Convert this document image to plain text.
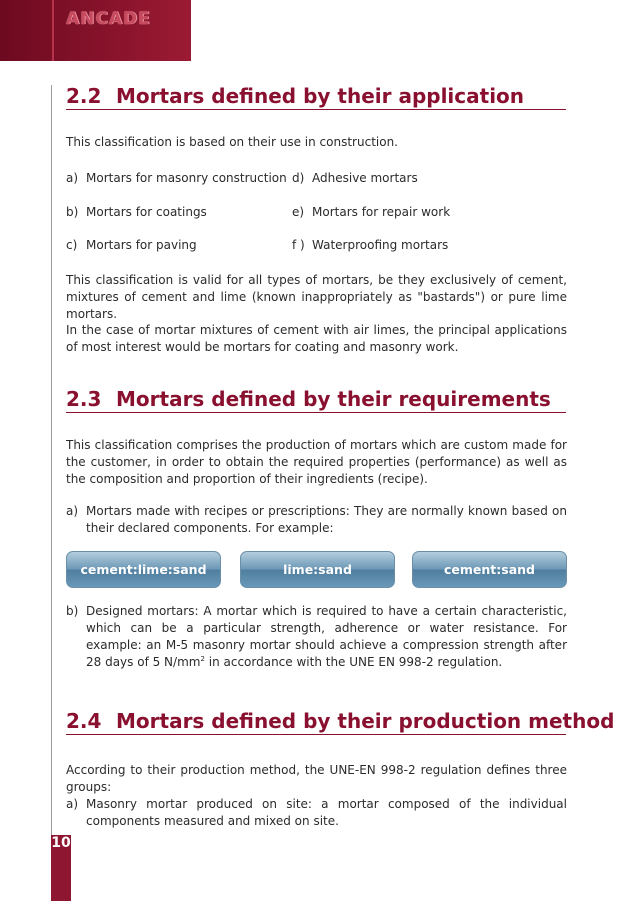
ANCADE
10
2.2 Mortars defined by their application

This classification is based on their use in construction.

a) Mortars for masonry construction
b) Mortars for coatings
c) Mortars for paving
d) Adhesive mortars
e) Mortars for repair work
f ) Waterproofing mortars

This classification is valid for all types of mortars, be they exclusively of cement, mixtures of cement and lime (known inappropriately as "bastards") or pure lime mortars.

In the case of mortar mixtures of cement with air limes, the principal applications of most interest would be mortars for coating and masonry work.

2.3 Mortars defined by their requirements

This classification comprises the production of mortars which are custom made for the customer, in order to obtain the required properties (performance) as well as the composition and proportion of their ingredients (recipe).

a) Mortars made with recipes or prescriptions: They are normally known based on their declared components. For example:
cement:lime:sand	lime:sand	cement:sand
b) Designed mortars: A mortar which is required to have a certain characteristic, which can be a particular strength, adherence or water resistance. For example: an M-5 masonry mortar should achieve a compression strength after 28 days of 5 $N/mm^2$ in accordance with the UNE EN 998-2 regulation.
2.4 Mortars defined by their production method

According to their production method, the UNE-EN 998-2 regulation defines three groups:

a) Masonry mortar produced on site: a mortar composed of the individual components measured and mixed on site.
